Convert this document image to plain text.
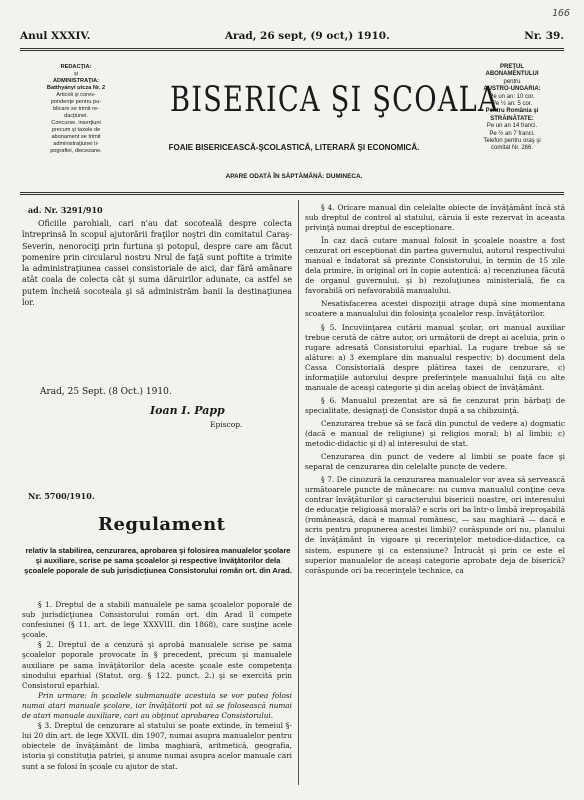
166
Anul XXXIV.	Arad, 26 sept, (9 oct,) 1910.	Nr. 39.
REDACŢIA:
şi
ADMINISTRAŢIA:
Batthyányi utcza Nr. 2
Articoli şi cores-
pondenţe pentru pu-
blicare se trimit re-
dacţiunei.
Concurse, inserţiuni
precum şi taxele de
abonament se trimit
administraţiunei ti-
pografiei, diecezane.
BISERICA ŞI ŞCOALA
FOAIE BISERICEASCĂ-ŞCOLASTICĂ, LITERARĂ ŞI ECONOMICĂ.
APARE ODATĂ ÎN SĂPTĂMÂNĂ: DUMINECA.
PREŢUL
ABONAMENTULUI
pentru
AUSTRO-UNGARIA:
Pe un an: 10 cor.
Pe ½ an: 5 cor.
Pentru România şi
STRĂINĂTATE:
Pe un an 14 franci.
Pe ½ an 7 franci.
Telefon pentru oraş şi
comitat Nr. 266.
ad. Nr. 3291/910

Oficiile parohiali, cari n'au dat socoteală despre colecta întreprinsă în scopul ajutorării fraţilor noştri din comitatul Caraş-Severin, nenorociţi prin furtuna şi potopul, despre care am făcut pomenire prin circularul nostru Nrul de faţă sunt poftite a trimite la administraţiunea cassei consistoriale de aici, dar fără amânare atât coala de colecta cât şi suma dăruirilor adunate, ca astfel se putem încheiă socoteala şi să administrăm banii la destinaţiunea lor.

Arad, 25 Sept. (8 Oct.) 1910.
Ioan I. Papp
Episcop.
Nr. 5700/1910.
Regulament
relativ la stabilirea, cenzurarea, aprobarea şi folosirea manualelor şcolare şi auxiliare, scrise pe sama şcoalelor şi respective învăţătorilor dela şcoalele poporale de sub jurisdicţiunea Consistorului român ort. din Arad.

§ 1. Dreptul de a stabili manualele pe sama şcoalelor poporale de sub jurisdicţiunea Consistorului român ort. din Arad îl compete confesiunei (§ 11. art. de lege XXXVIII. din 1868), care susţine acele şcoale.

§ 2. Dreptul de a cenzură şi aprobă manualele scrise pe sama şcoalelor poporale provocate în § precedent, precum şi manualele auxiliare pe sama învăţătorilor dela aceste şcoale este competenţa sinodului eparhial (Statut. org. § 122. punct. 2.) şi se exercită prin Consistorul eparhial.

Prin urmare: în şcoalele submanuate acestuia se vor putea folosi numai atari manuale şcolare, iar învăţătorii pot să se folosească numai de atari manuale auxiliare, cari au obţinut aprobarea Consistorului.

§ 3. Dreptul de cenzurare al statului se poate extinde, în temeiul §-lui 20 din art. de lege XXVII. din 1907, numai asupra manualelor pentru obiectele de învăţământ de limba maghiară, aritmetică, geografia, istoria şi constituţia patriei, şi anume numai asupra acelor manuale cari sunt a se folosi în şcoale cu ajutor de stat.

§ 4. Oricare manual din celelalte obiecte de învăţământ încă stă sub dreptul de control al statului, căruia îi este rezervat în aceasta privinţă numai dreptul de esceptionare.

În caz dacă cutare manual folosit în şcoalele noastre a fost cenzurat ori esceptionat din partea guvernului, autorul respectivului manual e îndatorat să prezinte Consistorului, în termin de 15 zile dela primire, în original ori în copie autentică: a) recenziunea făcută de organul guvernului, şi b) rezoluţiunea ministerială, fie ca favorabilă ori nefavorabilă manualului.

Nesatisfacerea acestei dispoziţii atrage după sine momentana scoatere a manualului din folosinţa şcoalelor resp. învăţătorilor.

§ 5. Incuviinţarea cutării manual şcolar, ori manual auxiliar trebue cerută de către autor, ori următorii de drept ai aceluia, prin o rugare adresată Consistorului eparhial. La rugare trebue să se alăture: a) 3 exemplare din manualul respectiv; b) document dela Cassa Consistorială despre plătirea taxei de cenzurare, c) informaţiile autorului despre preferinţele manualului faţă cu alte manuale de aceaşi categorie şi din acelaş obiect de învăţământ.

§ 6. Manualul prezentat are să fie cenzurat prin bărbaţi de specialitate, designaţi de Consistor după a sa chibzuinţă.

Cenzurarea trebue să se facă din punctul de vedere a) dogmatic (dacă e manual de religiune) şi religios moral; b) al limbii; c) metodic-didactic şi d) al interesului de stat.

Cenzurarea din punct de vedere al limbii se poate face şi separat de cenzurarea din celelalte puncte de vedere.

§ 7. De cinozură la cenzurarea manualelor vor avea să servească următoarele puncte de mânecare: nu cumva manualul conţine ceva contrar învăţăturilor şi caracterului bisericii noastre, ori interesului de educaţie religioasă morală? e scris ori ba într-o limbă ireproşabilă (românească, dacă e manual românesc, — sau maghiară — dacă e scris pentru propunerea acestei limbi)? corăspunde ori nu, planului de învăţământ în vigoare şi recerinţelor metodice-didactice, ca sistem, espunere şi ca estensiune? Întrucât şi prin ce este el superior manualelor de aceaşi categorie aprobate deja de biserică? corăspunde ori ba recerinţele technice, ca
